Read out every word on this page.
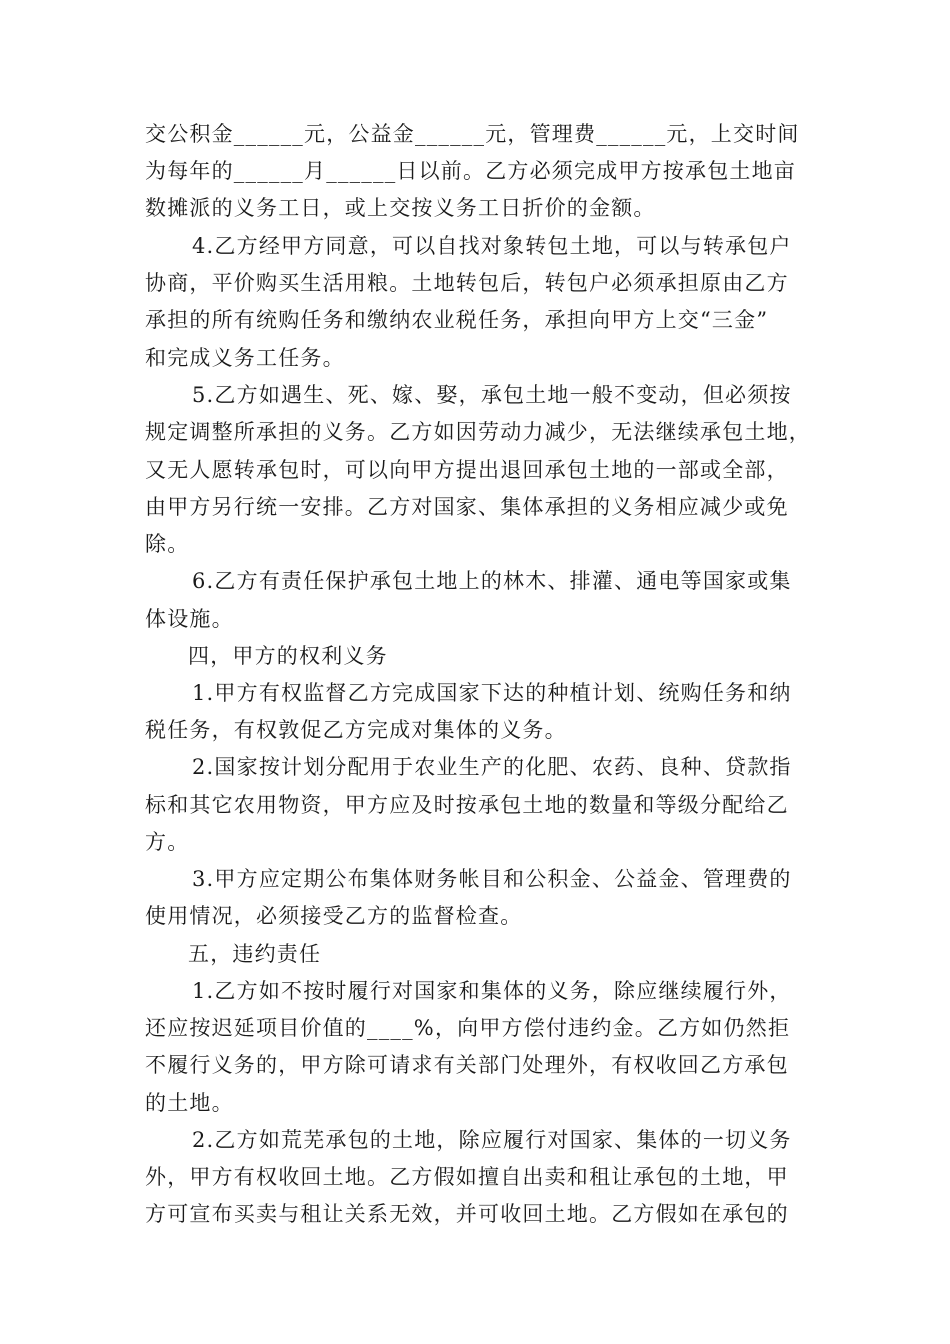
交公积金______元，公益金______元，管理费______元，上交时间
为每年的______月______日以前。乙方必须完成甲方按承包土地亩
数摊派的义务工日，或上交按义务工日折价的金额。
4.乙方经甲方同意，可以自找对象转包土地，可以与转承包户
协商，平价购买生活用粮。土地转包后，转包户必须承担原由乙方
承担的所有统购任务和缴纳农业税任务，承担向甲方上交“三金”
和完成义务工任务。
5.乙方如遇生、死、嫁、娶，承包土地一般不变动，但必须按
规定调整所承担的义务。乙方如因劳动力减少，无法继续承包土地，
又无人愿转承包时，可以向甲方提出退回承包土地的一部或全部，
由甲方另行统一安排。乙方对国家、集体承担的义务相应减少或免
除。
6.乙方有责任保护承包土地上的林木、排灌、通电等国家或集
体设施。
四，甲方的权利义务
1.甲方有权监督乙方完成国家下达的种植计划、统购任务和纳
税任务，有权敦促乙方完成对集体的义务。
2.国家按计划分配用于农业生产的化肥、农药、良种、贷款指
标和其它农用物资，甲方应及时按承包土地的数量和等级分配给乙
方。
3.甲方应定期公布集体财务帐目和公积金、公益金、管理费的
使用情况，必须接受乙方的监督检查。
五，违约责任
1.乙方如不按时履行对国家和集体的义务，除应继续履行外，
还应按迟延项目价值的____%，向甲方偿付违约金。乙方如仍然拒
不履行义务的，甲方除可请求有关部门处理外，有权收回乙方承包
的土地。
2.乙方如荒芜承包的土地，除应履行对国家、集体的一切义务
外，甲方有权收回土地。乙方假如擅自出卖和租让承包的土地，甲
方可宣布买卖与租让关系无效，并可收回土地。乙方假如在承包的
